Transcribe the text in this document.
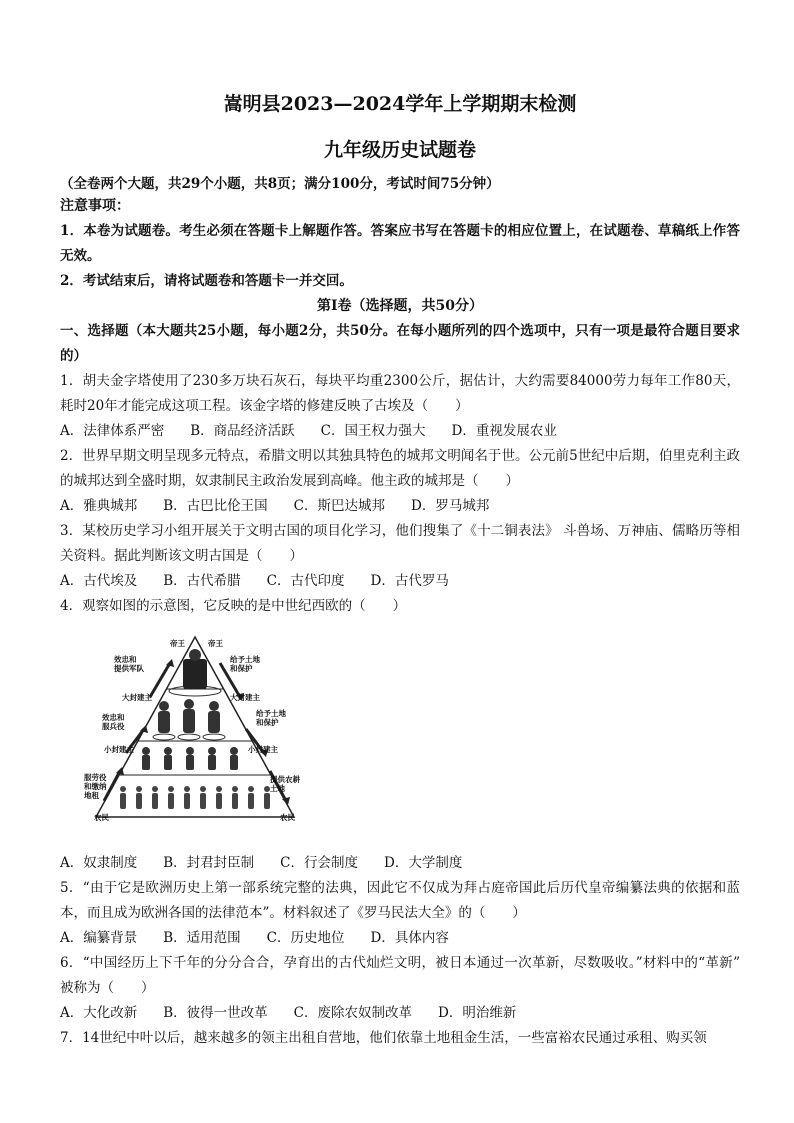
嵩明县2023—2024学年上学期期末检测

九年级历史试题卷

（全卷两个大题，共29个小题，共8页；满分100分，考试时间75分钟）
注意事项：

1．本卷为试题卷。考生必须在答题卡上解题作答。答案应书写在答题卡的相应位置上，在试题卷、草稿纸上作答无效。

2．考试结束后，请将试题卷和答题卡一并交回。

第Ⅰ卷（选择题，共50分）

一、选择题（本大题共25小题，每小题2分，共50分。在每小题所列的四个选项中，只有一项是最符合题目要求的）

1．胡夫金字塔使用了230多万块石灰石，每块平均重2300公斤，据估计，大约需要84000劳力每年工作80天，耗时20年才能完成这项工程。该金字塔的修建反映了古埃及（　　）

A．法律体系严密 B．商品经济活跃 C．国王权力强大 D．重视发展农业

2．世界早期文明呈现多元特点，希腊文明以其独具特色的城邦文明闻名于世。公元前5世纪中后期，伯里克利主政的城邦达到全盛时期，奴隶制民主政治发展到高峰。他主政的城邦是（　　）

A．雅典城邦 B．古巴比伦王国 C．斯巴达城邦 D．罗马城邦

3．某校历史学习小组开展关于文明古国的项目化学习，他们搜集了《十二铜表法》 斗兽场、万神庙、儒略历等相关资料。据此判断该文明古国是（　　）

A．古代埃及 B．古代希腊 C．古代印度 D．古代罗马

4．观察如图的示意图，它反映的是中世纪西欧的（　　）

帝王	帝王
效忠和
提供军队
给予土地
和保护
大封建主	大封建主
效忠和
服兵役
给予土地
和保护
小封建主	小封建主
服劳役
和缴纳
地租
提供农耕
土地
农民	农民
A．奴隶制度 B．封君封臣制 C．行会制度 D．大学制度

5．“由于它是欧洲历史上第一部系统完整的法典，因此它不仅成为拜占庭帝国此后历代皇帝编纂法典的依据和蓝本，而且成为欧洲各国的法律范本”。材料叙述了《罗马民法大全》的（　　）

A．编纂背景 B．适用范围 C．历史地位 D．具体内容

6．“中国经历上下千年的分分合合，孕育出的古代灿烂文明，被日本通过一次革新，尽数吸收。”材料中的“革新” 被称为（　　）

A．大化改新 B．彼得一世改革 C．废除农奴制改革 D．明治维新

7．14世纪中叶以后，越来越多的领主出租自营地，他们依靠土地租金生活，一些富裕农民通过承租、购买领
